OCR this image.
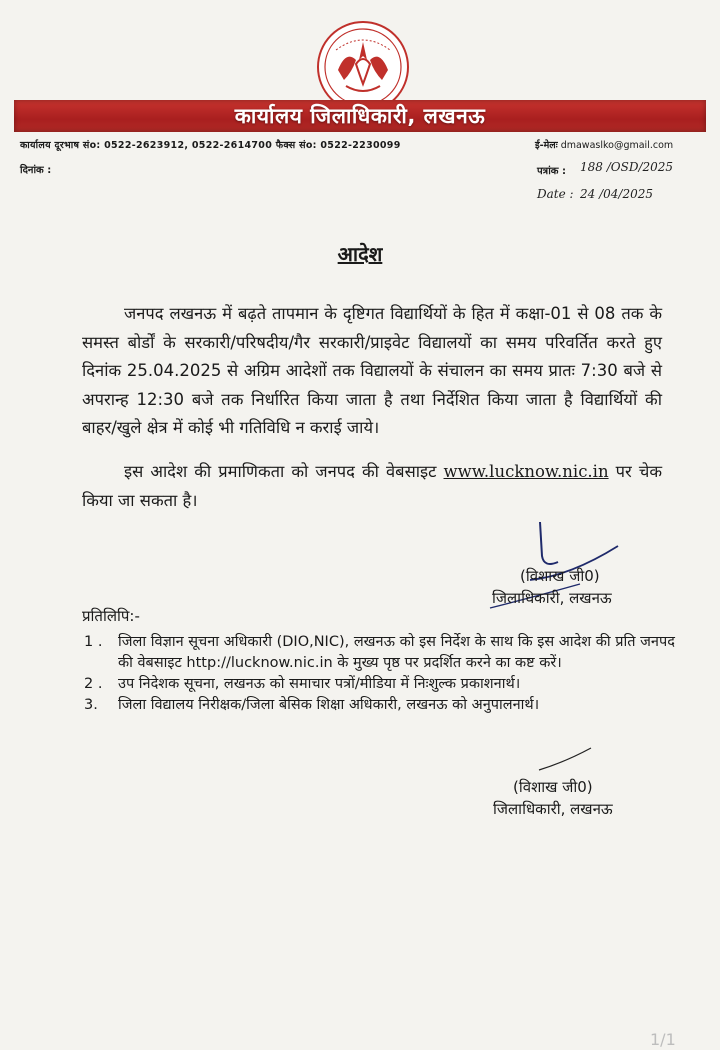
कार्यालय जिलाधिकारी, लखनऊ
कार्यालय दूरभाष संo: 0522-2623912, 0522-2614700 फैक्स संo: 0522-2230099	ई-मेलः dmawaslko@gmail.com
दिनांक :	पत्रांक : 188 /OSD/2025
Date : 24 /04/2025
आदेश
जनपद लखनऊ में बढ़ते तापमान के दृष्टिगत विद्यार्थियों के हित में कक्षा-01 से 08 तक के समस्त बोर्डों के सरकारी/परिषदीय/गैर सरकारी/प्राइवेट विद्यालयों का समय परिवर्तित करते हुए दिनांक 25.04.2025 से अग्रिम आदेशों तक विद्यालयों के संचालन का समय प्रातः 7:30 बजे से अपरान्ह 12:30 बजे तक निर्धारित किया जाता है तथा निर्देशित किया जाता है विद्यार्थियों की बाहर/खुले क्षेत्र में कोई भी गतिविधि न कराई जाये।
इस आदेश की प्रमाणिकता को जनपद की वेबसाइट www.lucknow.nic.in पर चेक किया जा सकता है।
(विशाख जी0)
जिलाधिकारी, लखनऊ
प्रतिलिपि:-
1 . जिला विज्ञान सूचना अधिकारी (DIO,NIC), लखनऊ को इस निर्देश के साथ कि इस आदेश की प्रति जनपद की वेबसाइट http://lucknow.nic.in के मुख्य पृष्ठ पर प्रदर्शित करने का कष्ट करें।
2 . उप निदेशक सूचना, लखनऊ को समाचार पत्रों/मीडिया में निःशुल्क प्रकाशनार्थ।
3. जिला विद्यालय निरीक्षक/जिला बेसिक शिक्षा अधिकारी, लखनऊ को अनुपालनार्थ।
(विशाख जी0)
जिलाधिकारी, लखनऊ
1/1
